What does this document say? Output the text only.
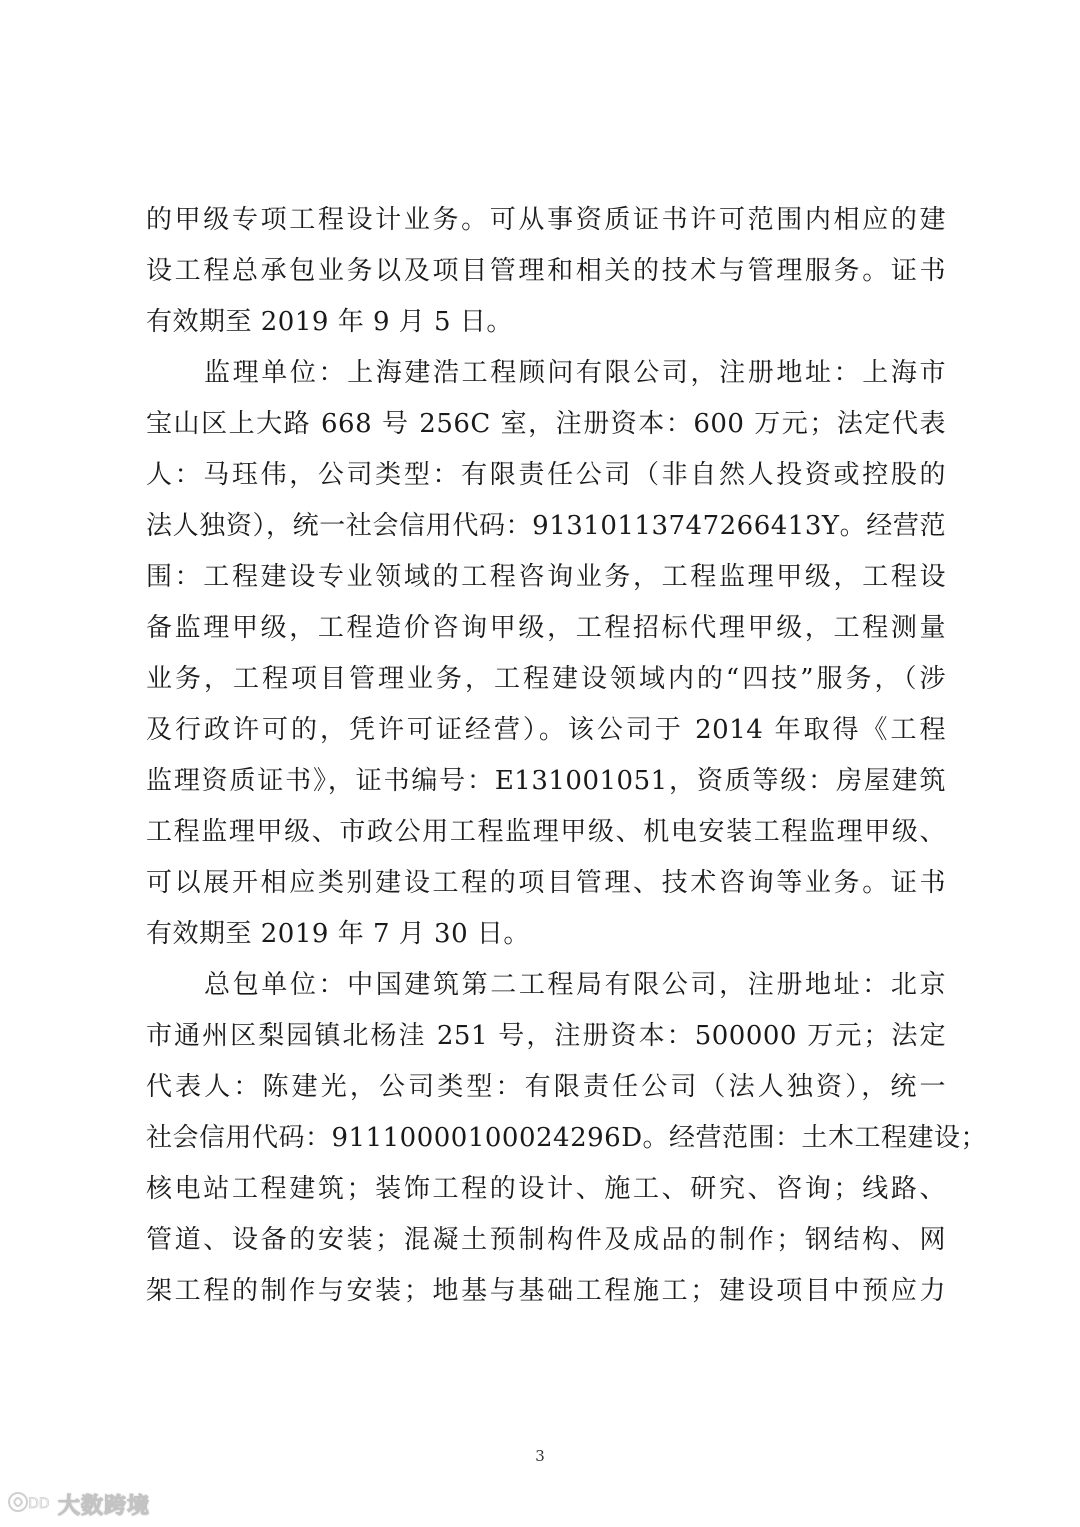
的甲级专项工程设计业务。可从事资质证书许可范围内相应的建
设工程总承包业务以及项目管理和相关的技术与管理服务。证书
有效期至 2019 年 9 月 5 日。
监理单位：上海建浩工程顾问有限公司，注册地址：上海市
宝山区上大路 668 号 256C 室，注册资本：600 万元；法定代表
人：马珏伟，公司类型：有限责任公司（非自然人投资或控股的
法人独资），统一社会信用代码：91310113747266413Y。经营范
围：工程建设专业领域的工程咨询业务，工程监理甲级，工程设
备监理甲级，工程造价咨询甲级，工程招标代理甲级，工程测量
业务，工程项目管理业务，工程建设领域内的“四技”服务，（涉
及行政许可的，凭许可证经营）。该公司于 2014 年取得《工程
监理资质证书》，证书编号：E131001051，资质等级：房屋建筑
工程监理甲级、市政公用工程监理甲级、机电安装工程监理甲级、
可以展开相应类别建设工程的项目管理、技术咨询等业务。证书
有效期至 2019 年 7 月 30 日。
总包单位：中国建筑第二工程局有限公司，注册地址：北京
市通州区梨园镇北杨洼 251 号，注册资本：500000 万元；法定
代表人：陈建光，公司类型：有限责任公司（法人独资），统一
社会信用代码：91110000100024296D。经营范围：土木工程建设；
核电站工程建筑；装饰工程的设计、施工、研究、咨询；线路、
管道、设备的安装；混凝土预制构件及成品的制作；钢结构、网
架工程的制作与安装；地基与基础工程施工；建设项目中预应力
3
DD 大数跨境
